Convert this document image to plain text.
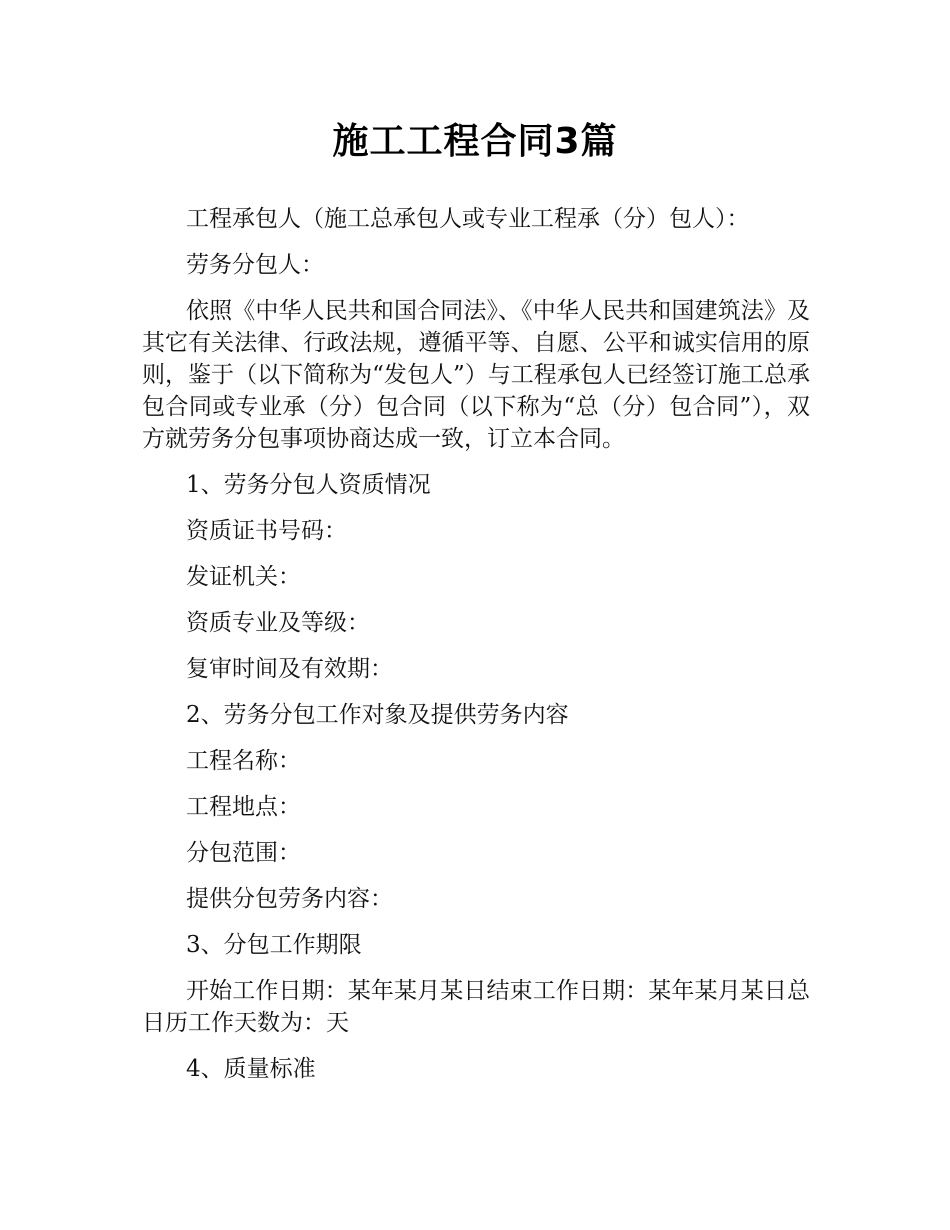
施工工程合同3篇

工程承包人（施工总承包人或专业工程承（分）包人）：

劳务分包人：

依照《中华人民共和国合同法》、《中华人民共和国建筑法》及其它有关法律、行政法规，遵循平等、自愿、公平和诚实信用的原则，鉴于（以下简称为“发包人”）与工程承包人已经签订施工总承包合同或专业承（分）包合同（以下称为“总（分）包合同”），双方就劳务分包事项协商达成一致，订立本合同。

1、劳务分包人资质情况

资质证书号码：

发证机关：

资质专业及等级：

复审时间及有效期：

2、劳务分包工作对象及提供劳务内容

工程名称：

工程地点：

分包范围：

提供分包劳务内容：

3、分包工作期限

开始工作日期：某年某月某日结束工作日期：某年某月某日总日历工作天数为：天

4、质量标准
